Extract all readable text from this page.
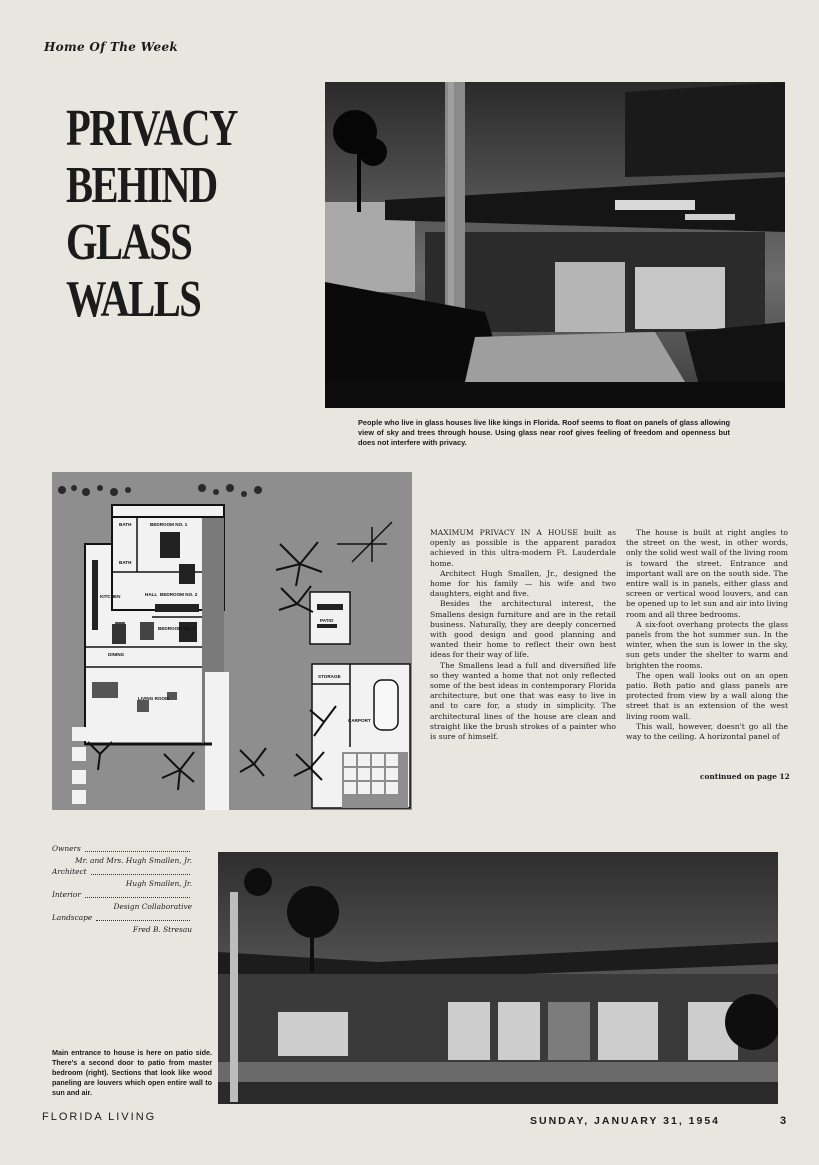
Home Of The Week
PRIVACY
BEHIND
GLASS
WALLS
People who live in glass houses live like kings in Florida. Roof seems to float on panels of glass allowing view of sky and trees through house. Using glass near roof gives feeling of freedom and openness but does not interfere with privacy.
BATH	BEDROOM NO. 1
BATH
KITCHEN	HALL BEDROOM NO. 2
BEDROOM NO. 3
DINING
LIVING ROOM
PATIO
STORAGE
CARPORT

MAXIMUM PRIVACY IN A HOUSE built as openly as possible is the apparent paradox achieved in this ultra-modern Ft. Lauderdale home.

Architect Hugh Smallen, Jr., designed the home for his family — his wife and two daughters, eight and five.

Besides the architectural interest, the Smallens design furniture and are in the retail business. Naturally, they are deeply concerned with good design and good planning and wanted their home to reflect their own best ideas for their way of life.

The Smallens lead a full and diversified life so they wanted a home that not only reflected some of the best ideas in contemporary Florida architecture, but one that was easy to live in and to care for, a study in simplicity. The architectural lines of the house are clean and straight like the brush strokes of a painter who is sure of himself.

The house is built at right angles to the street on the west, in other words, only the solid west wall of the living room is toward the street. Entrance and important wall are on the south side. The entire wall is in panels, either glass and screen or vertical wood louvers, and can be opened up to let sun and air into living room and all three bedrooms.

A six-foot overhang protects the glass panels from the hot summer sun. In the winter, when the sun is lower in the sky, sun gets under the shelter to warm and brighten the rooms.

The open wall looks out on an open patio. Both patio and glass panels are protected from view by a wall along the street that is an extension of the west living room wall.

This wall, however, doesn't go all the way to the ceiling. A horizontal panel of

continued on page 12
Owners
Mr. and Mrs. Hugh Smallen, Jr.
Architect
Hugh Smallen, Jr.
Interior
Design Collaborative
Landscape
Fred B. Stresau
Main entrance to house is here on patio side. There's a second door to patio from master bedroom (right). Sections that look like wood paneling are louvers which open entire wall to sun and air.
FLORIDA LIVING	SUNDAY, JANUARY 31, 1954	3
